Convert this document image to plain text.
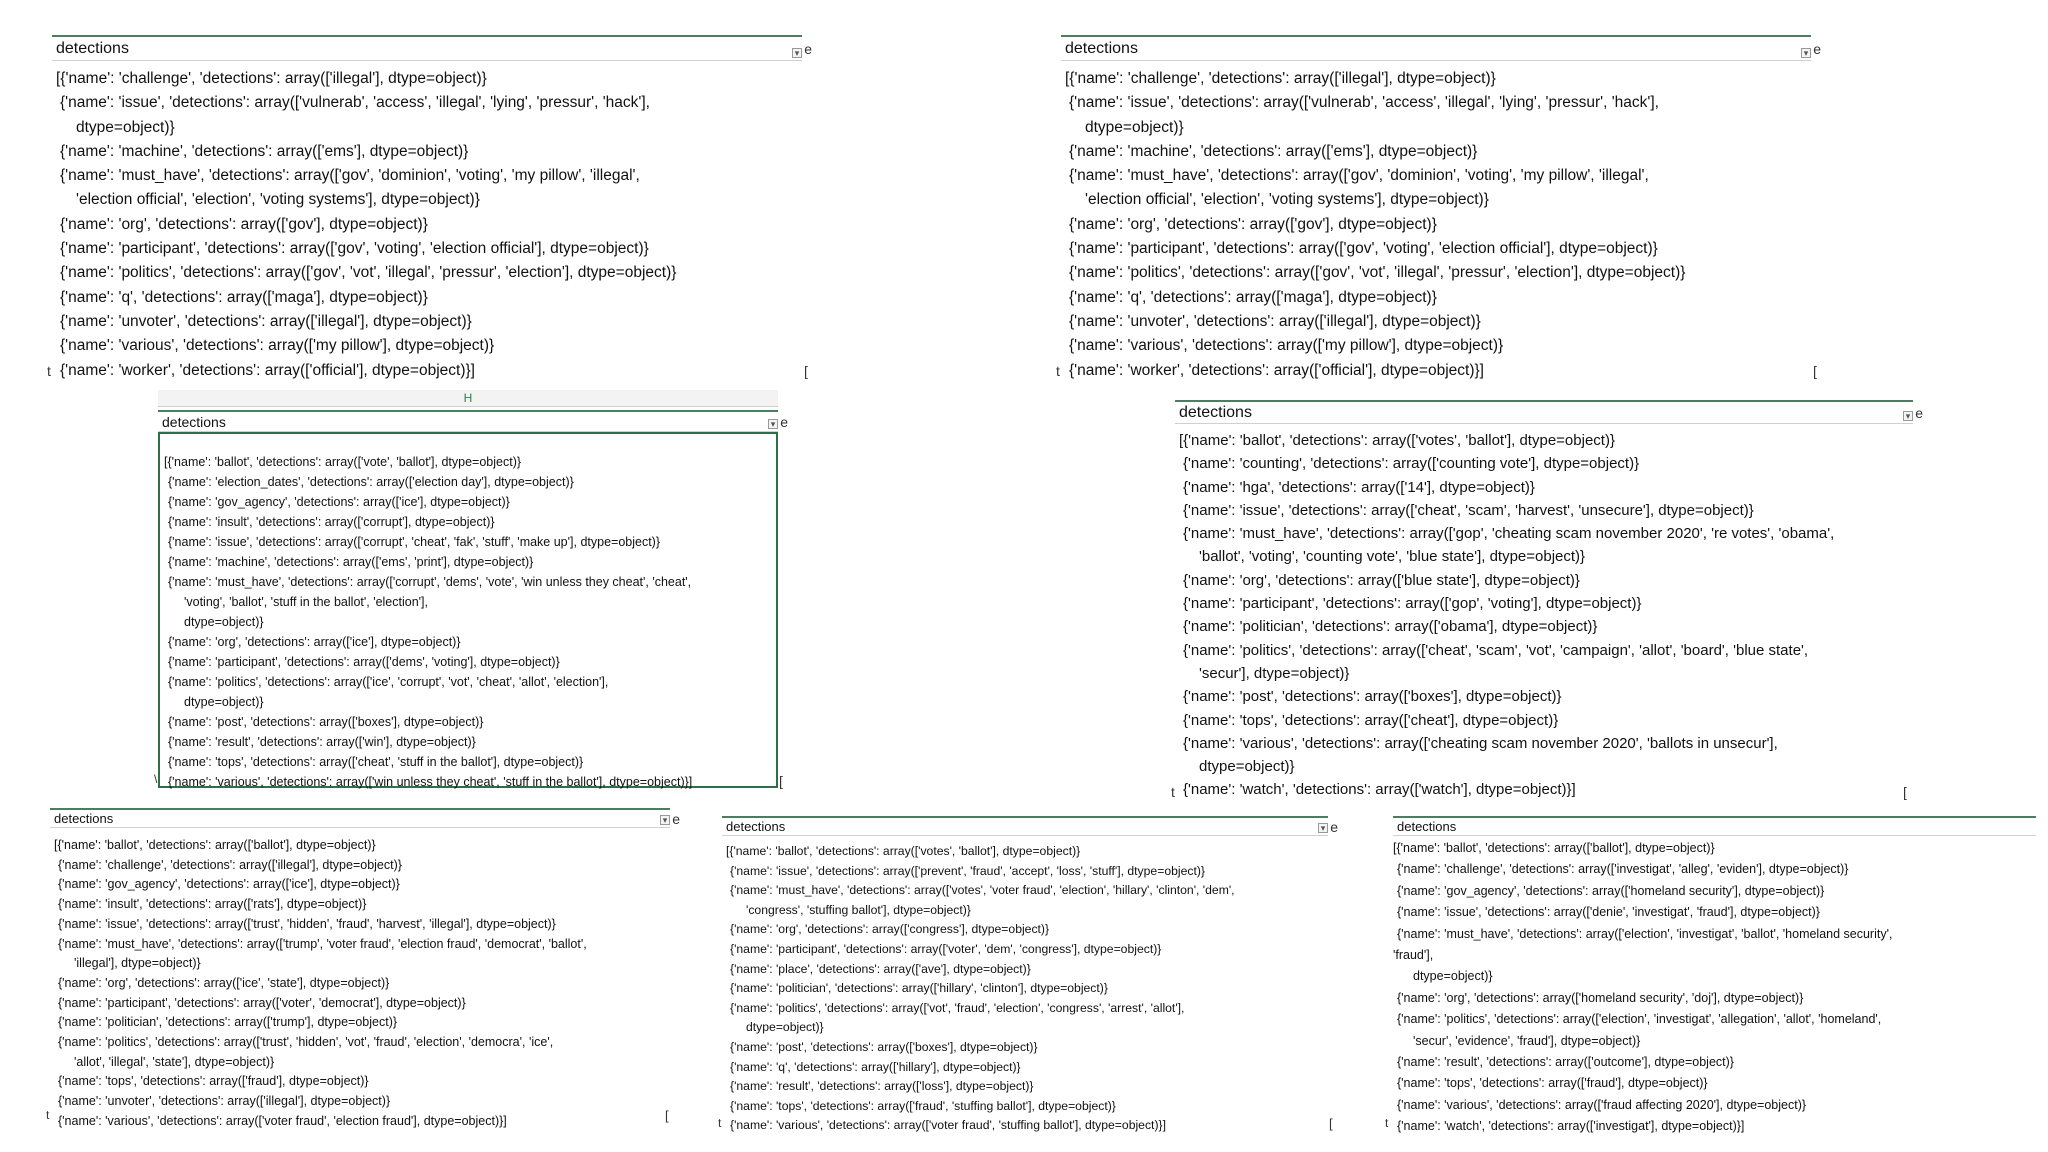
detections ▾	e
[{'name': 'challenge', 'detections': array(['illegal'], dtype=object)}
{'name': 'issue', 'detections': array(['vulnerab', 'access', 'illegal', 'lying', 'pressur', 'hack'],
dtype=object)}
{'name': 'machine', 'detections': array(['ems'], dtype=object)}
{'name': 'must_have', 'detections': array(['gov', 'dominion', 'voting', 'my pillow', 'illegal',
'election official', 'election', 'voting systems'], dtype=object)}
{'name': 'org', 'detections': array(['gov'], dtype=object)}
{'name': 'participant', 'detections': array(['gov', 'voting', 'election official'], dtype=object)}
{'name': 'politics', 'detections': array(['gov', 'vot', 'illegal', 'pressur', 'election'], dtype=object)}
{'name': 'q', 'detections': array(['maga'], dtype=object)}
{'name': 'unvoter', 'detections': array(['illegal'], dtype=object)}
{'name': 'various', 'detections': array(['my pillow'], dtype=object)}
{'name': 'worker', 'detections': array(['official'], dtype=object)}]
t	[
detections ▾	e
[{'name': 'challenge', 'detections': array(['illegal'], dtype=object)}
{'name': 'issue', 'detections': array(['vulnerab', 'access', 'illegal', 'lying', 'pressur', 'hack'],
dtype=object)}
{'name': 'machine', 'detections': array(['ems'], dtype=object)}
{'name': 'must_have', 'detections': array(['gov', 'dominion', 'voting', 'my pillow', 'illegal',
'election official', 'election', 'voting systems'], dtype=object)}
{'name': 'org', 'detections': array(['gov'], dtype=object)}
{'name': 'participant', 'detections': array(['gov', 'voting', 'election official'], dtype=object)}
{'name': 'politics', 'detections': array(['gov', 'vot', 'illegal', 'pressur', 'election'], dtype=object)}
{'name': 'q', 'detections': array(['maga'], dtype=object)}
{'name': 'unvoter', 'detections': array(['illegal'], dtype=object)}
{'name': 'various', 'detections': array(['my pillow'], dtype=object)}
{'name': 'worker', 'detections': array(['official'], dtype=object)}]
t	[
H
detections ▾	e
[{'name': 'ballot', 'detections': array(['vote', 'ballot'], dtype=object)}
{'name': 'election_dates', 'detections': array(['election day'], dtype=object)}
{'name': 'gov_agency', 'detections': array(['ice'], dtype=object)}
{'name': 'insult', 'detections': array(['corrupt'], dtype=object)}
{'name': 'issue', 'detections': array(['corrupt', 'cheat', 'fak', 'stuff', 'make up'], dtype=object)}
{'name': 'machine', 'detections': array(['ems', 'print'], dtype=object)}
{'name': 'must_have', 'detections': array(['corrupt', 'dems', 'vote', 'win unless they cheat', 'cheat',
'voting', 'ballot', 'stuff in the ballot', 'election'],
dtype=object)}
{'name': 'org', 'detections': array(['ice'], dtype=object)}
{'name': 'participant', 'detections': array(['dems', 'voting'], dtype=object)}
{'name': 'politics', 'detections': array(['ice', 'corrupt', 'vot', 'cheat', 'allot', 'election'],
dtype=object)}
{'name': 'post', 'detections': array(['boxes'], dtype=object)}
{'name': 'result', 'detections': array(['win'], dtype=object)}
{'name': 'tops', 'detections': array(['cheat', 'stuff in the ballot'], dtype=object)}
{'name': 'various', 'detections': array(['win unless they cheat', 'stuff in the ballot'], dtype=object)}]
\	[
detections ▾	e
[{'name': 'ballot', 'detections': array(['votes', 'ballot'], dtype=object)}
{'name': 'counting', 'detections': array(['counting vote'], dtype=object)}
{'name': 'hga', 'detections': array(['14'], dtype=object)}
{'name': 'issue', 'detections': array(['cheat', 'scam', 'harvest', 'unsecure'], dtype=object)}
{'name': 'must_have', 'detections': array(['gop', 'cheating scam november 2020', 're votes', 'obama',
'ballot', 'voting', 'counting vote', 'blue state'], dtype=object)}
{'name': 'org', 'detections': array(['blue state'], dtype=object)}
{'name': 'participant', 'detections': array(['gop', 'voting'], dtype=object)}
{'name': 'politician', 'detections': array(['obama'], dtype=object)}
{'name': 'politics', 'detections': array(['cheat', 'scam', 'vot', 'campaign', 'allot', 'board', 'blue state',
'secur'], dtype=object)}
{'name': 'post', 'detections': array(['boxes'], dtype=object)}
{'name': 'tops', 'detections': array(['cheat'], dtype=object)}
{'name': 'various', 'detections': array(['cheating scam november 2020', 'ballots in unsecur'],
dtype=object)}
{'name': 'watch', 'detections': array(['watch'], dtype=object)}]
t	[
detections ▾	e
[{'name': 'ballot', 'detections': array(['ballot'], dtype=object)}
{'name': 'challenge', 'detections': array(['illegal'], dtype=object)}
{'name': 'gov_agency', 'detections': array(['ice'], dtype=object)}
{'name': 'insult', 'detections': array(['rats'], dtype=object)}
{'name': 'issue', 'detections': array(['trust', 'hidden', 'fraud', 'harvest', 'illegal'], dtype=object)}
{'name': 'must_have', 'detections': array(['trump', 'voter fraud', 'election fraud', 'democrat', 'ballot',
'illegal'], dtype=object)}
{'name': 'org', 'detections': array(['ice', 'state'], dtype=object)}
{'name': 'participant', 'detections': array(['voter', 'democrat'], dtype=object)}
{'name': 'politician', 'detections': array(['trump'], dtype=object)}
{'name': 'politics', 'detections': array(['trust', 'hidden', 'vot', 'fraud', 'election', 'democra', 'ice',
'allot', 'illegal', 'state'], dtype=object)}
{'name': 'tops', 'detections': array(['fraud'], dtype=object)}
{'name': 'unvoter', 'detections': array(['illegal'], dtype=object)}
{'name': 'various', 'detections': array(['voter fraud', 'election fraud'], dtype=object)}]
t	[
detections ▾	e
[{'name': 'ballot', 'detections': array(['votes', 'ballot'], dtype=object)}
{'name': 'issue', 'detections': array(['prevent', 'fraud', 'accept', 'loss', 'stuff'], dtype=object)}
{'name': 'must_have', 'detections': array(['votes', 'voter fraud', 'election', 'hillary', 'clinton', 'dem',
'congress', 'stuffing ballot'], dtype=object)}
{'name': 'org', 'detections': array(['congress'], dtype=object)}
{'name': 'participant', 'detections': array(['voter', 'dem', 'congress'], dtype=object)}
{'name': 'place', 'detections': array(['ave'], dtype=object)}
{'name': 'politician', 'detections': array(['hillary', 'clinton'], dtype=object)}
{'name': 'politics', 'detections': array(['vot', 'fraud', 'election', 'congress', 'arrest', 'allot'],
dtype=object)}
{'name': 'post', 'detections': array(['boxes'], dtype=object)}
{'name': 'q', 'detections': array(['hillary'], dtype=object)}
{'name': 'result', 'detections': array(['loss'], dtype=object)}
{'name': 'tops', 'detections': array(['fraud', 'stuffing ballot'], dtype=object)}
{'name': 'various', 'detections': array(['voter fraud', 'stuffing ballot'], dtype=object)}]
t	[
detections
[{'name': 'ballot', 'detections': array(['ballot'], dtype=object)}
{'name': 'challenge', 'detections': array(['investigat', 'alleg', 'eviden'], dtype=object)}
{'name': 'gov_agency', 'detections': array(['homeland security'], dtype=object)}
{'name': 'issue', 'detections': array(['denie', 'investigat', 'fraud'], dtype=object)}
{'name': 'must_have', 'detections': array(['election', 'investigat', 'ballot', 'homeland security',
'fraud'],
dtype=object)}
{'name': 'org', 'detections': array(['homeland security', 'doj'], dtype=object)}
{'name': 'politics', 'detections': array(['election', 'investigat', 'allegation', 'allot', 'homeland',
'secur', 'evidence', 'fraud'], dtype=object)}
{'name': 'result', 'detections': array(['outcome'], dtype=object)}
{'name': 'tops', 'detections': array(['fraud'], dtype=object)}
{'name': 'various', 'detections': array(['fraud affecting 2020'], dtype=object)}
{'name': 'watch', 'detections': array(['investigat'], dtype=object)}]
t
